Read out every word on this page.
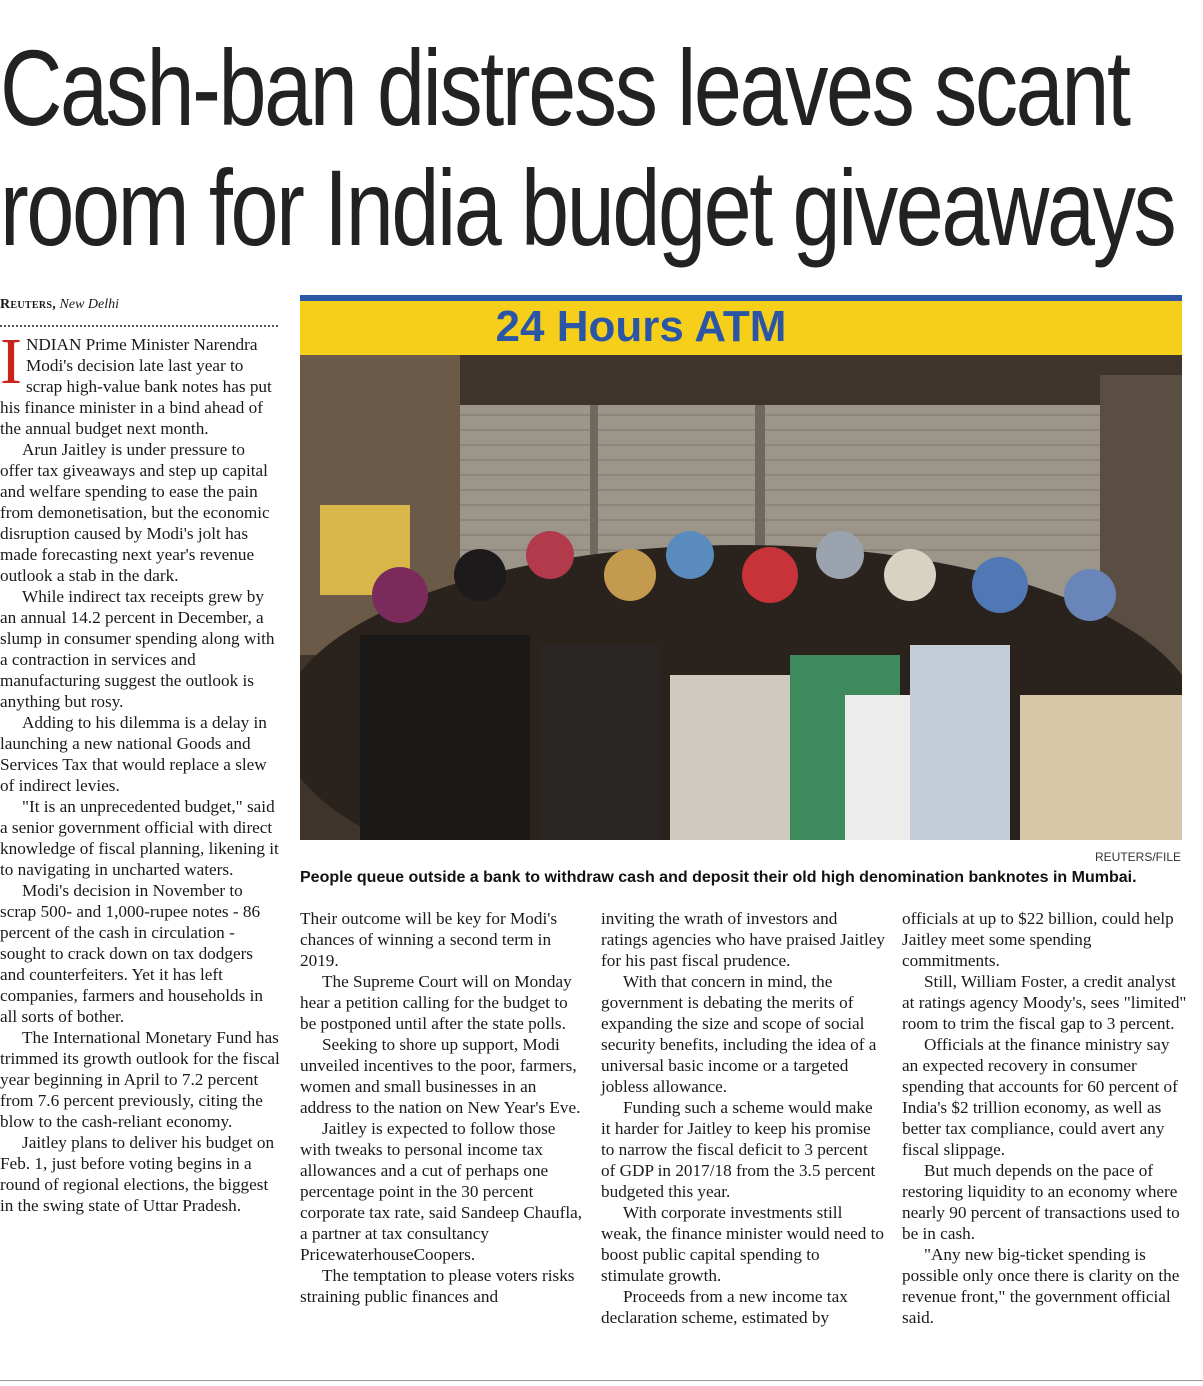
Cash-ban distress leaves scant
room for India budget giveaways
Reuters, New Delhi	24 Hours ATM
REUTERS/FILE
People queue outside a bank to withdraw cash and deposit their old high denomination banknotes in Mumbai.

INDIAN Prime Minister Narendra Modi's decision late last year to scrap high-value bank notes has put his finance minister in a bind ahead of the annual budget next month.

Arun Jaitley is under pressure to offer tax giveaways and step up capital and welfare spending to ease the pain from demonetisation, but the economic disruption caused by Modi's jolt has made forecasting next year's revenue outlook a stab in the dark.

While indirect tax receipts grew by an annual 14.2 percent in December, a slump in consumer spending along with a contraction in services and manufacturing suggest the outlook is anything but rosy.

Adding to his dilemma is a delay in launching a new national Goods and Services Tax that would replace a slew of indirect levies.

"It is an unprecedented budget," said a senior government official with direct knowledge of fiscal planning, likening it to navigating in uncharted waters.

Modi's decision in November to scrap 500- and 1,000-rupee notes - 86 percent of the cash in circulation - sought to crack down on tax dodgers and counterfeiters. Yet it has left companies, farmers and households in all sorts of bother.

The International Monetary Fund has trimmed its growth outlook for the fiscal year beginning in April to 7.2 percent from 7.6 percent previously, citing the blow to the cash-reliant economy.

Jaitley plans to deliver his budget on Feb. 1, just before voting begins in a round of regional elections, the biggest in the swing state of Uttar Pradesh.

Their outcome will be key for Modi's chances of winning a second term in 2019.

The Supreme Court will on Monday hear a petition calling for the budget to be postponed until after the state polls.

Seeking to shore up support, Modi unveiled incentives to the poor, farmers, women and small businesses in an address to the nation on New Year's Eve.

Jaitley is expected to follow those with tweaks to personal income tax allowances and a cut of perhaps one percentage point in the 30 percent corporate tax rate, said Sandeep Chaufla, a partner at tax consultancy PricewaterhouseCoopers.

The temptation to please voters risks straining public finances and

inviting the wrath of investors and ratings agencies who have praised Jaitley for his past fiscal prudence.

With that concern in mind, the government is debating the merits of expanding the size and scope of social security benefits, including the idea of a universal basic income or a targeted jobless allowance.

Funding such a scheme would make it harder for Jaitley to keep his promise to narrow the fiscal deficit to 3 percent of GDP in 2017/18 from the 3.5 percent budgeted this year.

With corporate investments still weak, the finance minister would need to boost public capital spending to stimulate growth.

Proceeds from a new income tax declaration scheme, estimated by

officials at up to $22 billion, could help Jaitley meet some spending commitments.

Still, William Foster, a credit analyst at ratings agency Moody's, sees "limited" room to trim the fiscal gap to 3 percent.

Officials at the finance ministry say an expected recovery in consumer spending that accounts for 60 percent of India's $2 trillion economy, as well as better tax compliance, could avert any fiscal slippage.

But much depends on the pace of restoring liquidity to an economy where nearly 90 percent of transactions used to be in cash.

"Any new big-ticket spending is possible only once there is clarity on the revenue front," the government official said.
